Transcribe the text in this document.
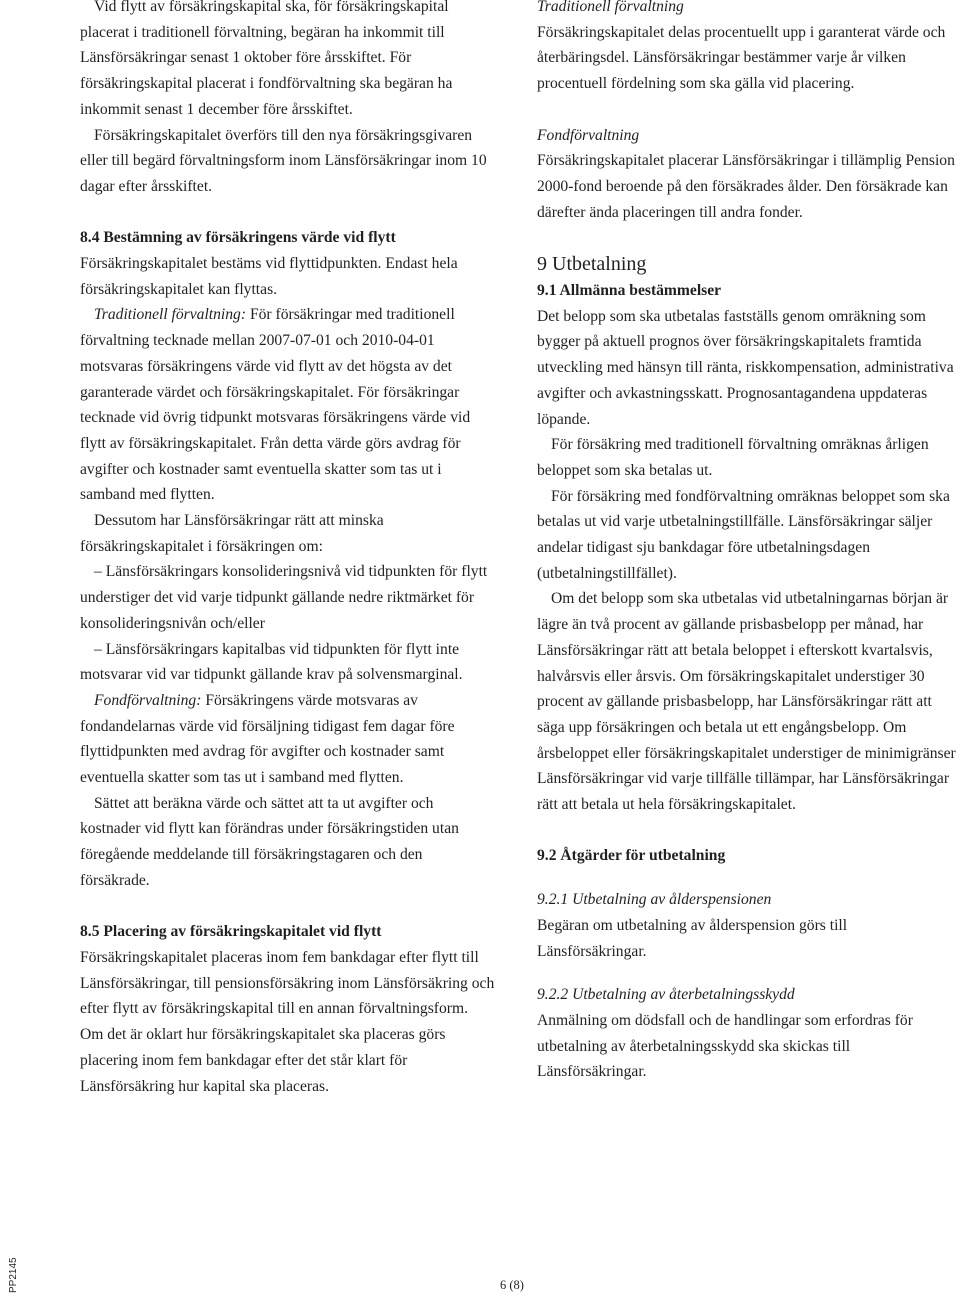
Vid flytt av försäkringskapital ska, för försäkringskapital placerat i traditionell förvaltning, begäran ha inkommit till Länsförsäkringar senast 1 oktober före årsskiftet. För försäkringskapital placerat i fondförvaltning ska begäran ha inkommit senast 1 december före årsskiftet.

Försäkringskapitalet överförs till den nya försäkringsgivaren eller till begärd förvaltningsform inom Länsförsäkringar inom 10 dagar efter årsskiftet.

8.4 Bestämning av försäkringens värde vid flytt

Försäkringskapitalet bestäms vid flyttidpunkten. Endast hela försäkringskapitalet kan flyttas.

Traditionell förvaltning: För försäkringar med traditionell förvaltning tecknade mellan 2007-07-01 och 2010-04-01 motsvaras försäkringens värde vid flytt av det högsta av det garanterade värdet och försäkringskapitalet. För försäkringar tecknade vid övrig tidpunkt motsvaras försäkringens värde vid flytt av försäkringskapitalet. Från detta värde görs avdrag för avgifter och kostnader samt eventuella skatter som tas ut i samband med flytten.

Dessutom har Länsförsäkringar rätt att minska försäkringskapitalet i försäkringen om:

– Länsförsäkringars konsolideringsnivå vid tidpunkten för flytt understiger det vid varje tidpunkt gällande nedre riktmärket för konsolideringsnivån och/eller

– Länsförsäkringars kapitalbas vid tidpunkten för flytt inte motsvarar vid var tidpunkt gällande krav på solvensmarginal.

Fondförvaltning: Försäkringens värde motsvaras av fondandelarnas värde vid försäljning tidigast fem dagar före flyttidpunkten med avdrag för avgifter och kostnader samt eventuella skatter som tas ut i samband med flytten.

Sättet att beräkna värde och sättet att ta ut avgifter och kostnader vid flytt kan förändras under försäkringstiden utan föregående meddelande till försäkringstagaren och den försäkrade.

8.5 Placering av försäkringskapitalet vid flytt

Försäkringskapitalet placeras inom fem bankdagar efter flytt till Länsförsäkringar, till pensionsförsäkring inom Länsförsäkring och efter flytt av försäkringskapital till en annan förvaltningsform. Om det är oklart hur försäkringskapitalet ska placeras görs placering inom fem bankdagar efter det står klart för Länsförsäkring hur kapital ska placeras.

Traditionell förvaltning

Försäkringskapitalet delas procentuellt upp i garanterat värde och återbäringsdel. Länsförsäkringar bestämmer varje år vilken procentuell fördelning som ska gälla vid placering.

Fondförvaltning

Försäkringskapitalet placerar Länsförsäkringar i tillämplig Pension 2000-fond beroende på den försäkrades ålder. Den försäkrade kan därefter ända placeringen till andra fonder.

9 Utbetalning
9.1 Allmänna bestämmelser

Det belopp som ska utbetalas fastställs genom omräkning som bygger på aktuell prognos över försäkringskapitalets framtida utveckling med hänsyn till ränta, riskkompensation, administrativa avgifter och avkastningsskatt. Prognosantagandena uppdateras löpande.

För försäkring med traditionell förvaltning omräknas årligen beloppet som ska betalas ut.

För försäkring med fondförvaltning omräknas beloppet som ska betalas ut vid varje utbetalningstillfälle. Länsförsäkringar säljer andelar tidigast sju bankdagar före utbetalningsdagen (utbetalningstillfället).

Om det belopp som ska utbetalas vid utbetalningarnas början är lägre än två procent av gällande prisbasbelopp per månad, har Länsförsäkringar rätt att betala beloppet i efterskott kvartalsvis, halvårsvis eller årsvis. Om försäkringskapitalet understiger 30 procent av gällande prisbasbelopp, har Länsförsäkringar rätt att säga upp försäkringen och betala ut ett engångsbelopp. Om årsbeloppet eller försäkringskapitalet understiger de minimigränser Länsförsäkringar vid varje tillfälle tillämpar, har Länsförsäkringar rätt att betala ut hela försäkringskapitalet.

9.2 Åtgärder för utbetalning

9.2.1 Utbetalning av ålderspensionen

Begäran om utbetalning av ålderspension görs till Länsförsäkringar.

9.2.2 Utbetalning av återbetalningsskydd

Anmälning om dödsfall och de handlingar som erfordras för utbetalning av återbetalningsskydd ska skickas till Länsförsäkringar.

PP2145	6 (8)
